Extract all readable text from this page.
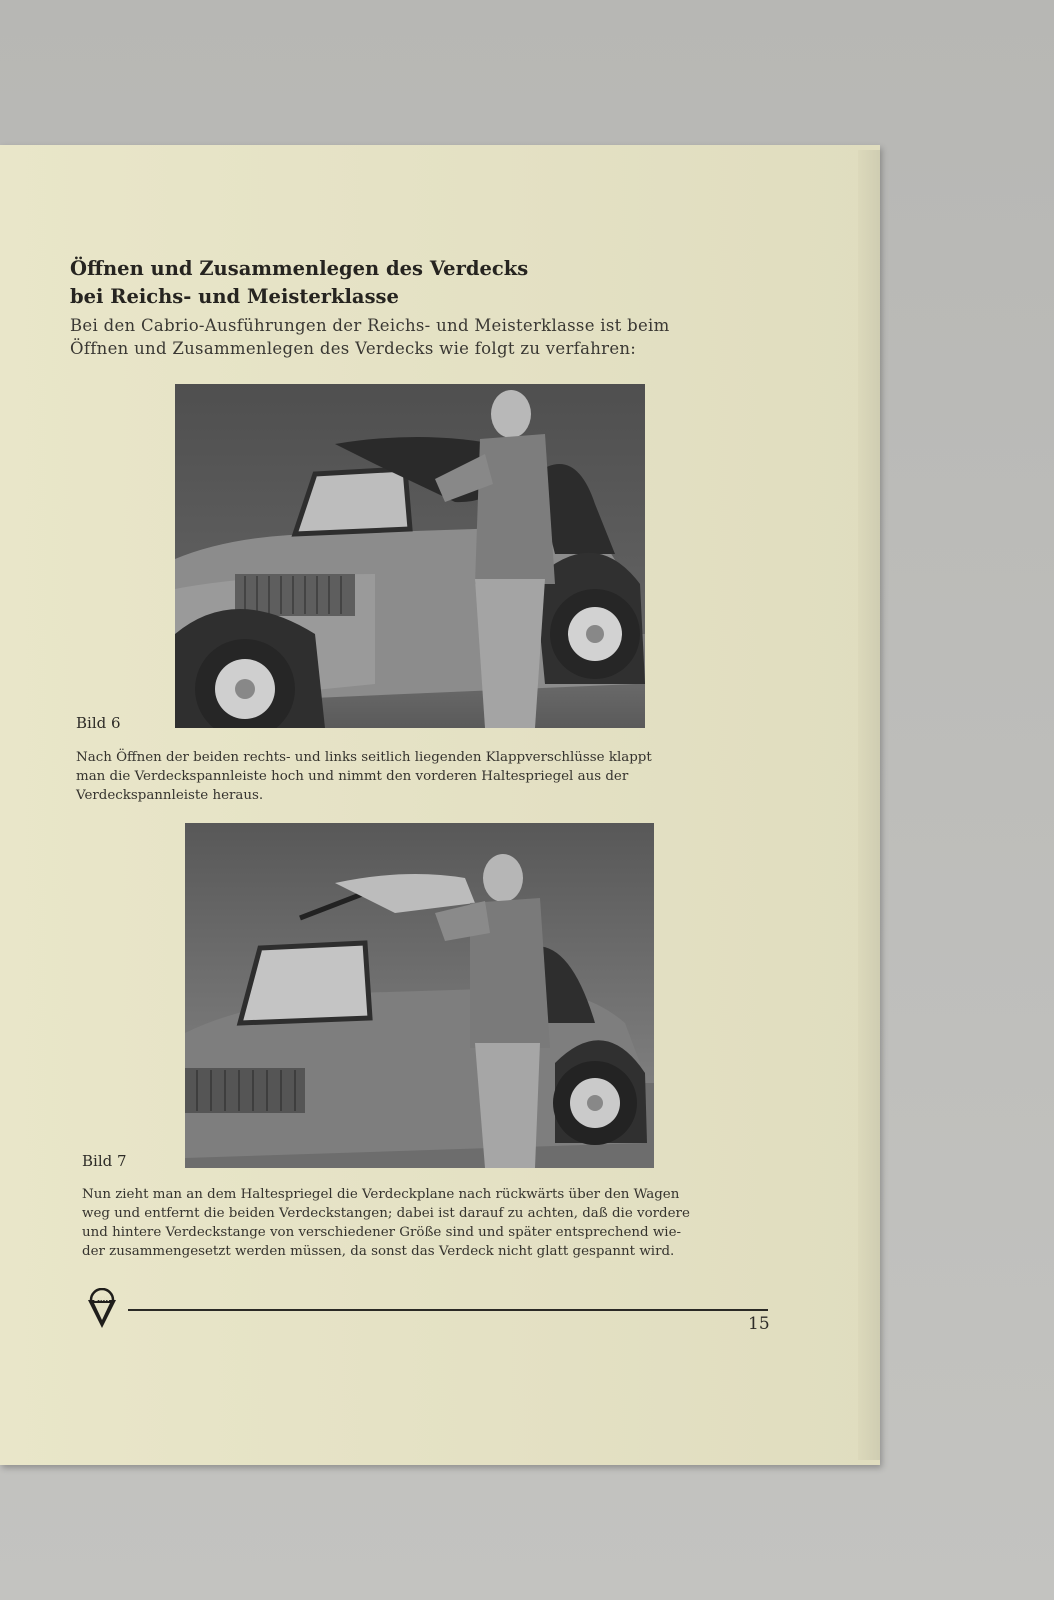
Öffnen und Zusammenlegen des Verdecks
bei Reichs- und Meisterklasse

Bei den Cabrio-Ausführungen der Reichs- und Meisterklasse ist beim
Öffnen und Zusammenlegen des Verdecks wie folgt zu verfahren:

Bild 6

Nach Öffnen der beiden rechts- und links seitlich liegenden Klappverschlüsse klappt
man die Verdeckspannleiste hoch und nimmt den vorderen Haltespriegel aus der
Verdeckspannleiste heraus.

Bild 7

Nun zieht man an dem Haltespriegel die Verdeckplane nach rückwärts über den Wagen
weg und entfernt die beiden Verdeckstangen; dabei ist darauf zu achten, daß die vordere
und hintere Verdeckstange von verschiedener Größe sind und später entsprechend wie-
der zusammengesetzt werden müssen, da sonst das Verdeck nicht glatt gespannt wird.

DKW
15
